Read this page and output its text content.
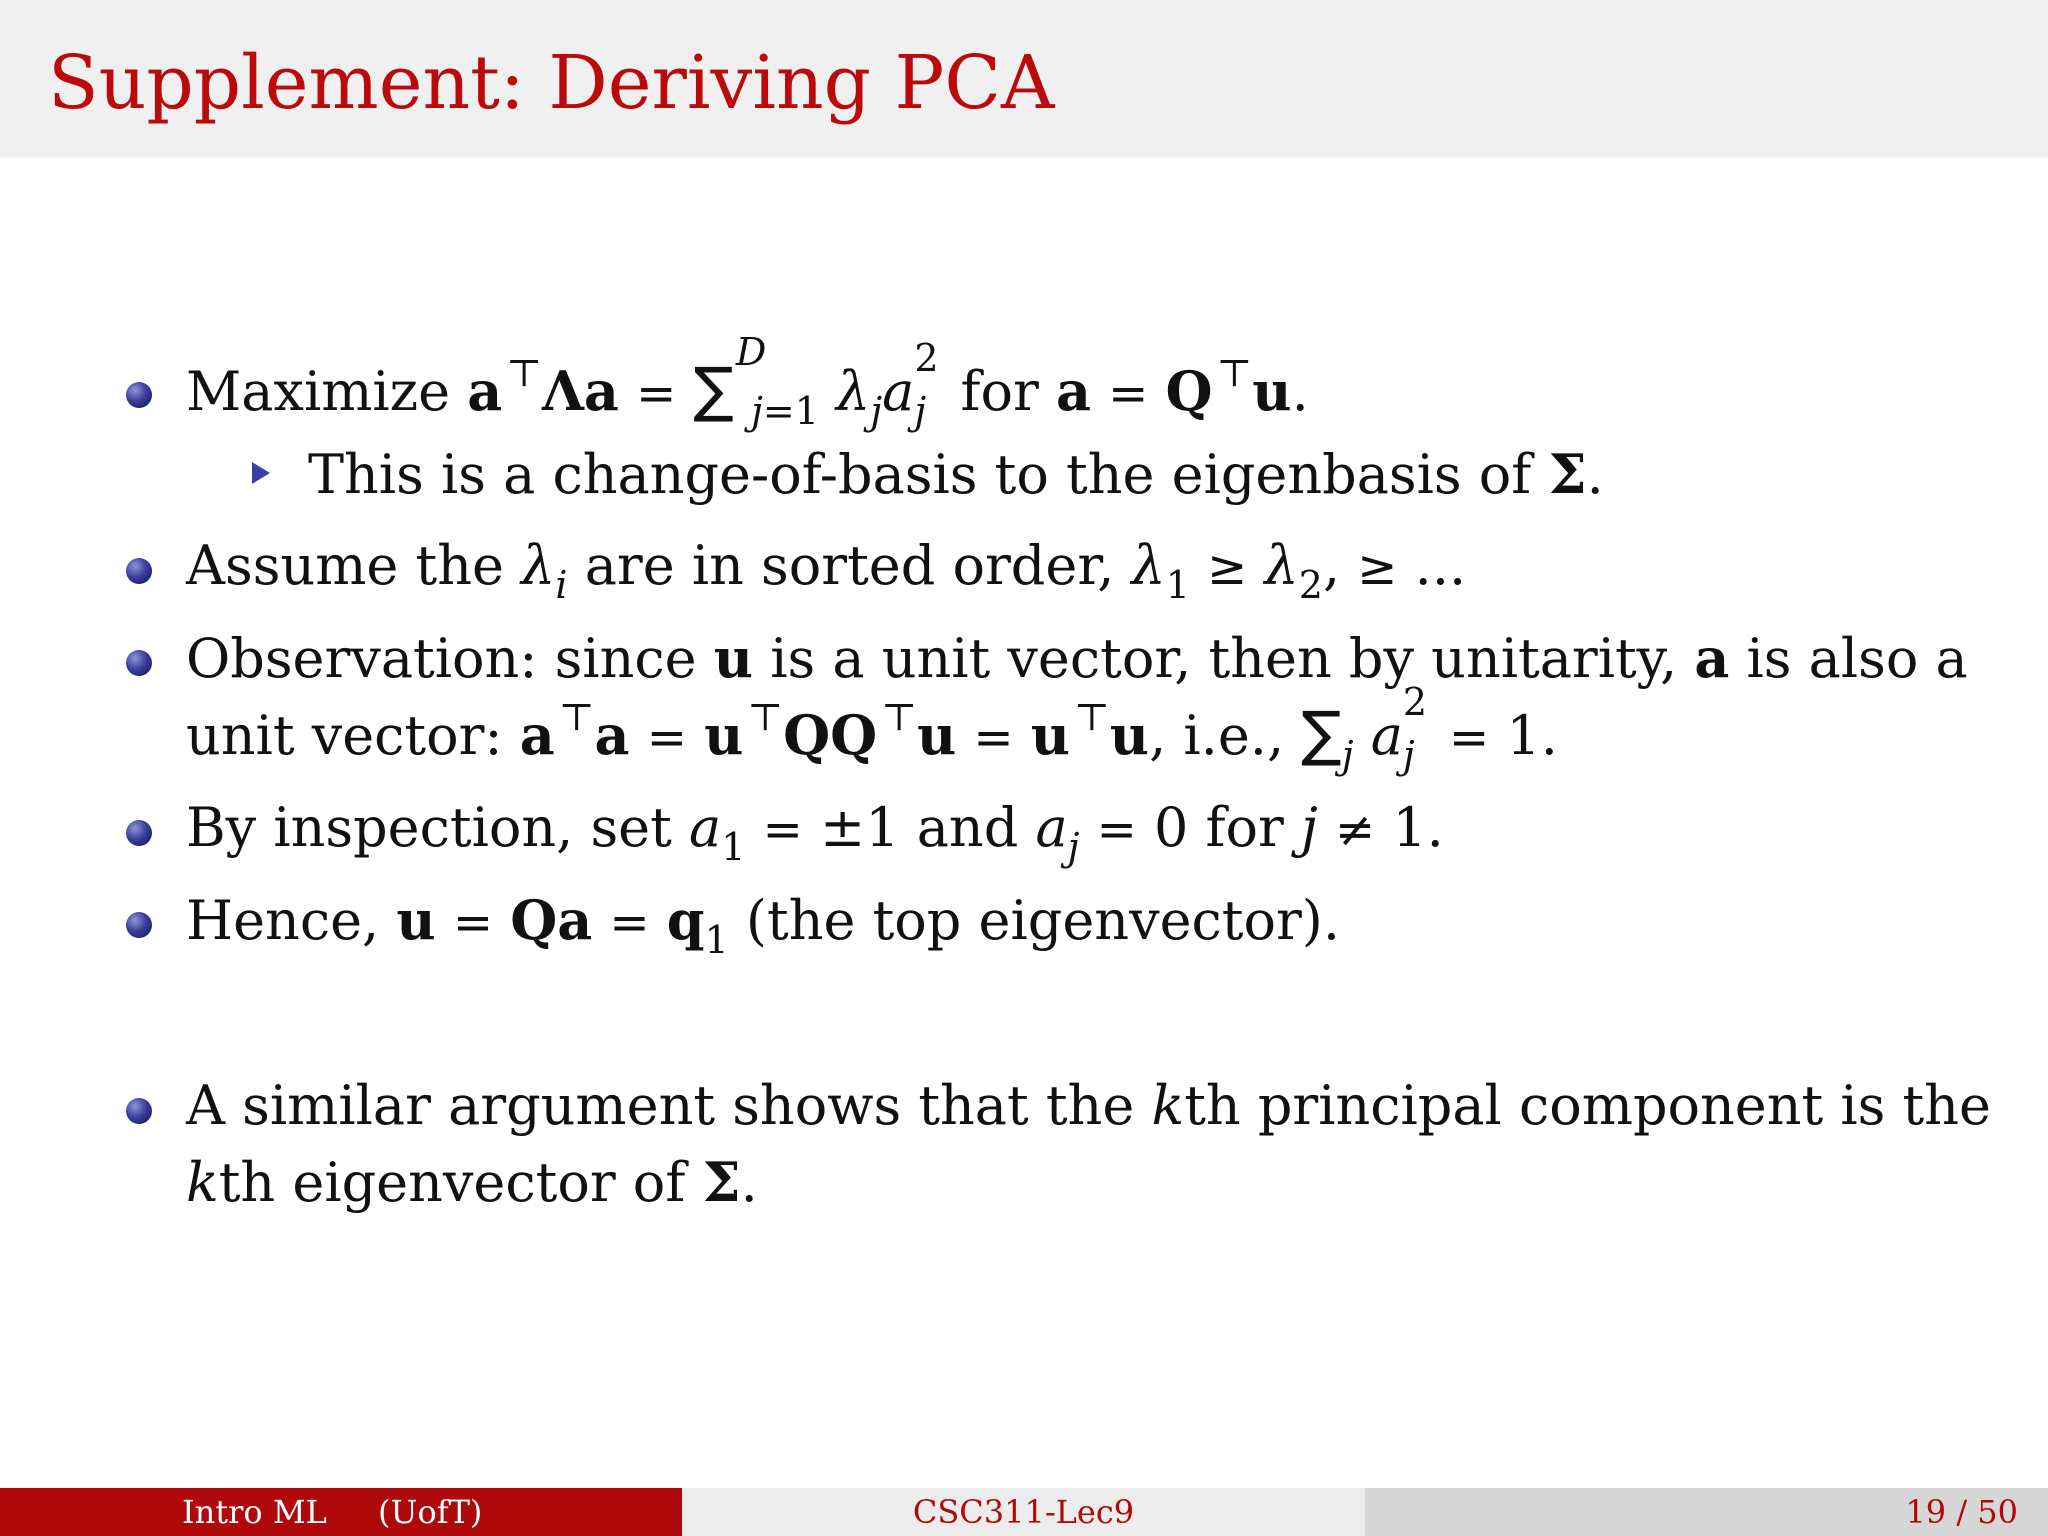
Supplement: Deriving PCA
Maximize a ⊤Λa = ∑
D
$_{j=1}$ $\lambda_ja$
2
$_j$ for a = Q ⊤u.
This is a change-of-basis to the eigenbasis of Σ.
Assume the $\lambda_i$ are in sorted order, $\lambda_1 \ge \lambda_2$, ≥ ...
Observation: since u is a unit vector, then by unitarity, a is also a
unit vector: a ⊤a = u ⊤QQ ⊤u = u ⊤u, i.e., $\sum_j$ a
2
$_j$ = 1.
By inspection, set $a_1 = \pm 1$ and $a_j = 0$ for j ≠ 1.
Hence, $u = Qa = q_1$ (the top eigenvector).
A similar argument shows that the kth principal component is the
kth eigenvector of Σ.
Intro ML (UofT)	CSC311-Lec9	19 / 50
